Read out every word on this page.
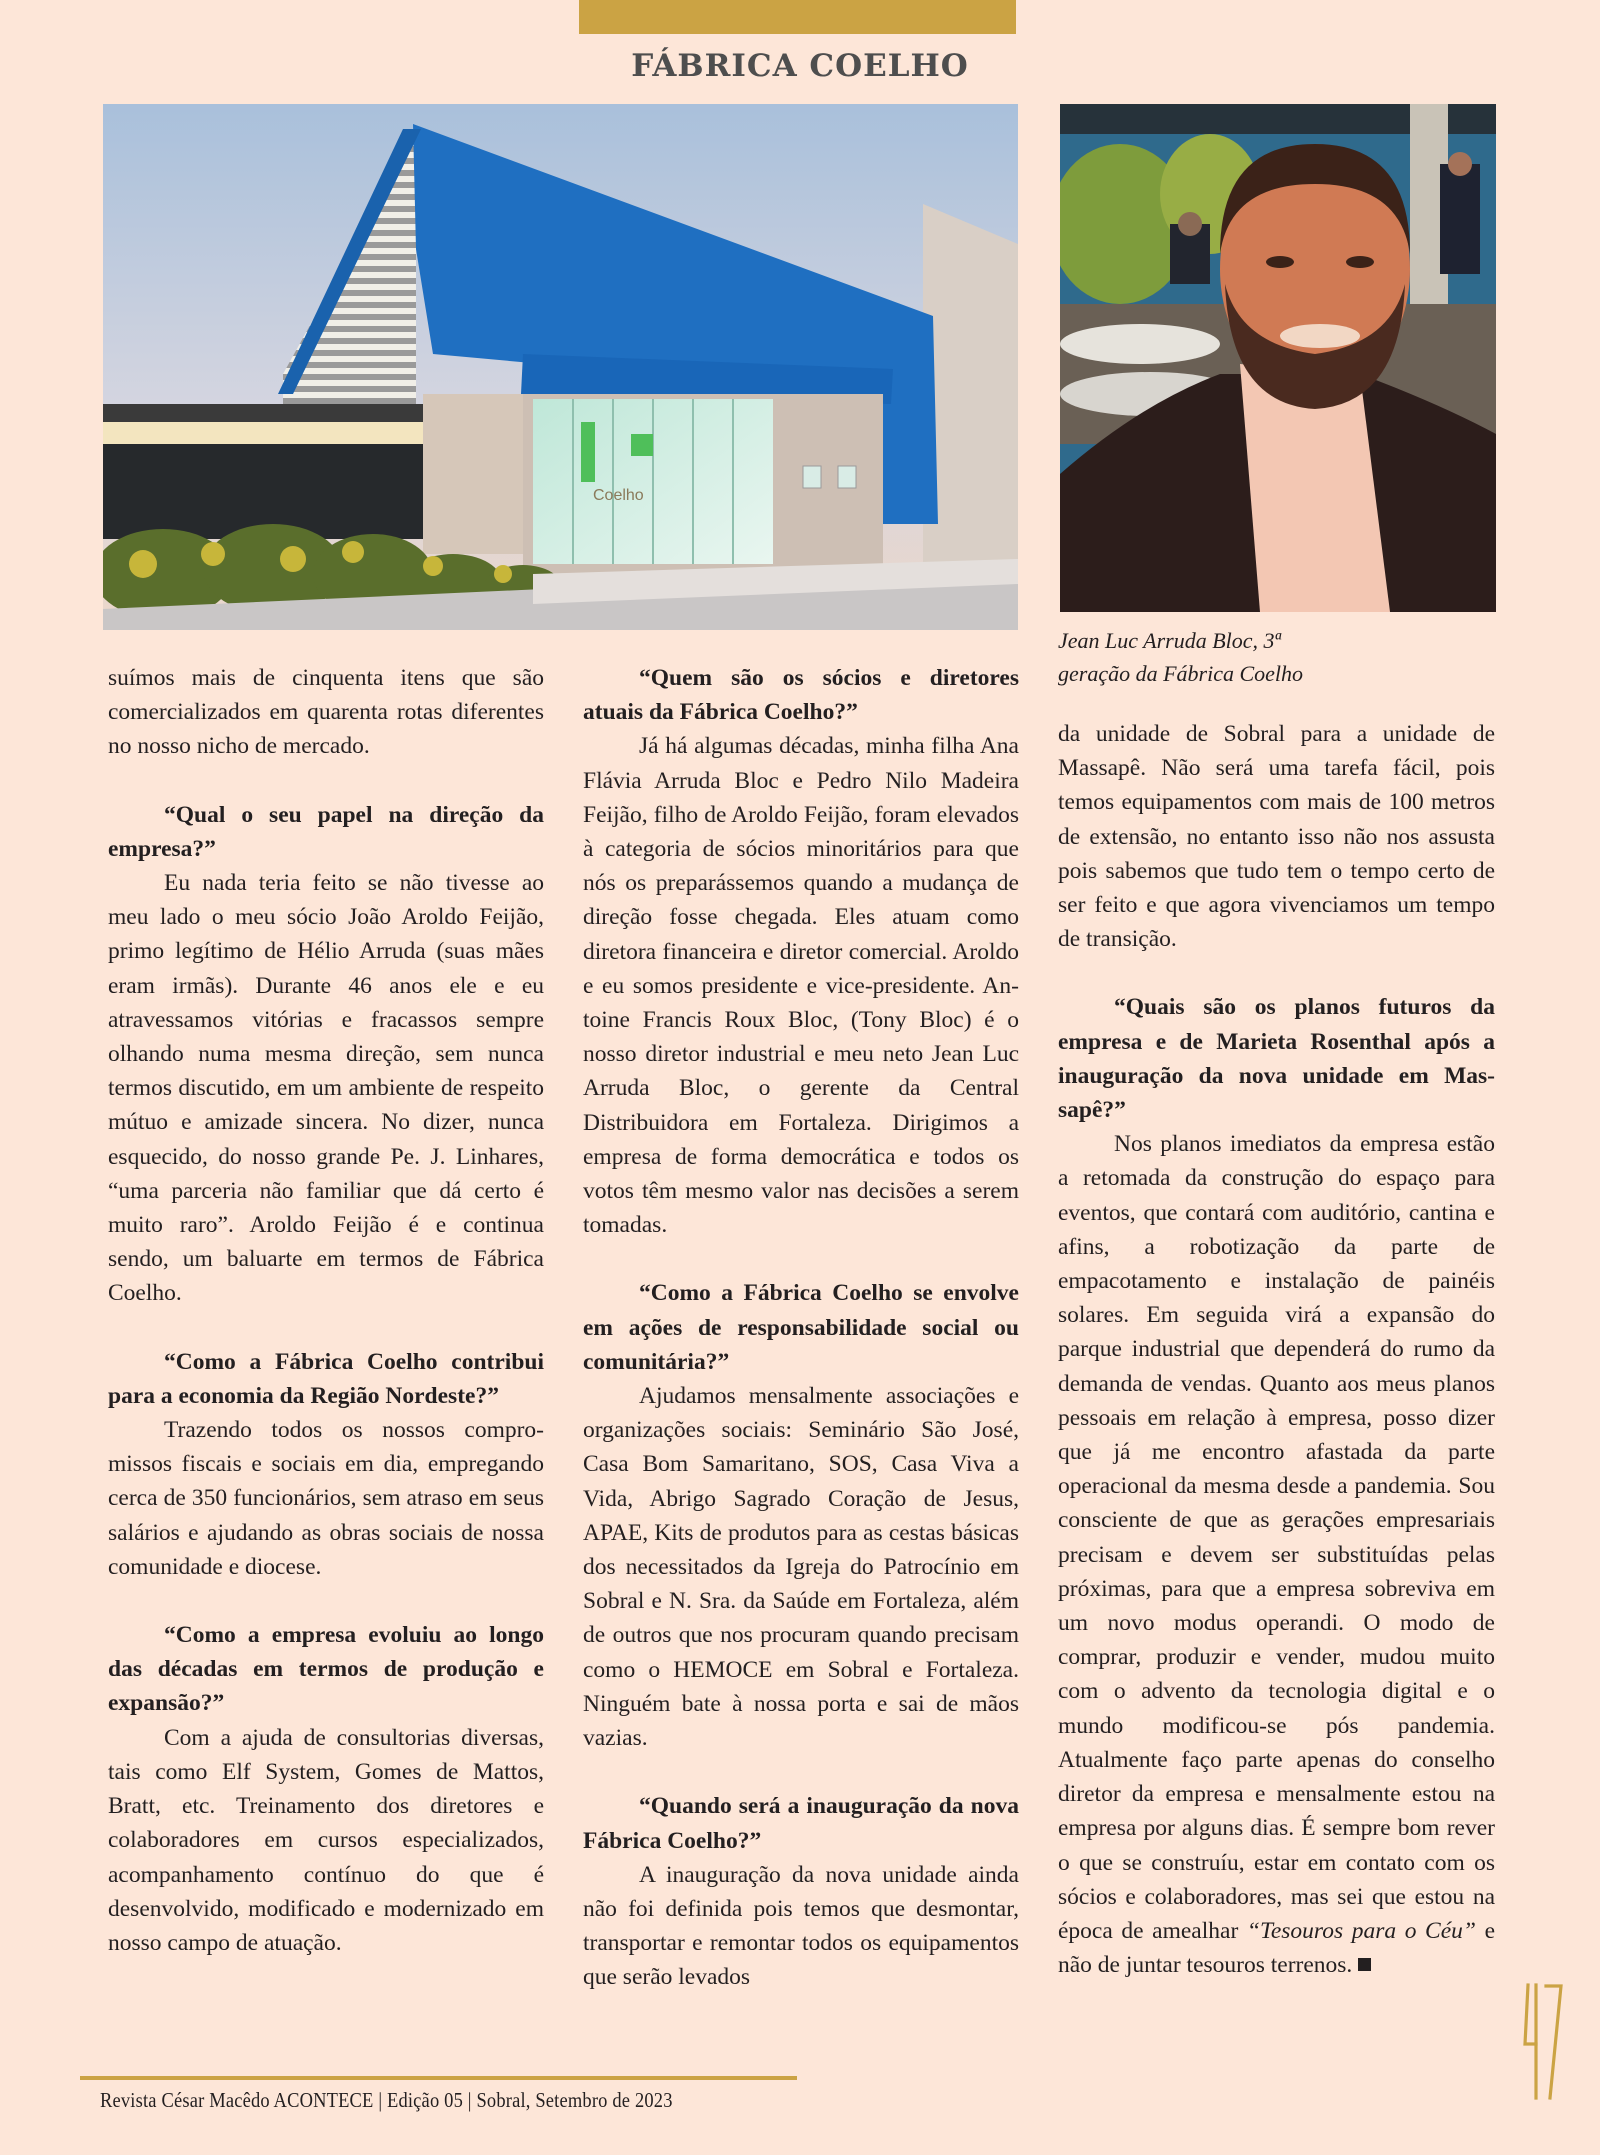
FÁBRICA COELHO
Coelho
Jean Luc Arruda Bloc, 3ª
geração da Fábrica Coelho

suímos mais de cinquenta itens que são comercializados em quarenta rotas diferentes no nosso nicho de mercado.

“Qual o seu papel na direção da empresa?”

Eu nada teria feito se não tivesse ao meu lado o meu sócio João Aroldo Feijão, primo legítimo de Hélio Arruda (suas mães eram irmãs). Durante 46 anos ele e eu atravessamos vitórias e fracassos sempre olhando numa mesma direção, sem nunca termos discutido, em um ambiente de respeito mútuo e amizade sincera. No dizer, nunca esquecido, do nosso grande Pe. J. Linhares, “uma parceria não familiar que dá certo é muito raro”. Aroldo Feijão é e continua sendo, um baluarte em termos de Fábrica Coelho.

“Como a Fábrica Coelho contribui para a economia da Região Nordeste?”

Trazendo todos os nossos compromissos fiscais e sociais em dia, empregando cerca de 350 funcionários, sem atraso em seus salários e ajudando as obras sociais de nossa comunidade e diocese.

“Como a empresa evoluiu ao longo das décadas em termos de produção e expansão?”

Com a ajuda de consultorias diversas, tais como Elf System, Gomes de Mattos, Bratt, etc. Treinamento dos diretores e colaboradores em cursos especializados, acompanhamento contínuo do que é desenvolvido, modificado e modernizado em nosso campo de atuação.

“Quem são os sócios e diretores atuais da Fábrica Coelho?”

Já há algumas décadas, minha filha Ana Flávia Arruda Bloc e Pedro Nilo Madeira Feijão, filho de Aroldo Feijão, foram elevados à categoria de sócios minoritários para que nós os preparássemos quando a mudança de direção fosse chegada. Eles atuam como diretora financeira e diretor comercial. Aroldo e eu somos presidente e vice-presidente. Antoine Francis Roux Bloc, (Tony Bloc) é o nosso diretor industrial e meu neto Jean Luc Arruda Bloc, o gerente da Central Distribuidora em Fortaleza. Dirigimos a empresa de forma democrática e todos os votos têm mesmo valor nas decisões a serem tomadas.

“Como a Fábrica Coelho se envolve em ações de responsabilidade social ou comunitária?”

Ajudamos mensalmente associações e organizações sociais: Seminário São José, Casa Bom Samaritano, SOS, Casa Viva a Vida, Abrigo Sagrado Coração de Jesus, APAE, Kits de produtos para as cestas básicas dos necessitados da Igreja do Patrocínio em Sobral e N. Sra. da Saúde em Fortaleza, além de outros que nos procuram quando precisam como o HEMOCE em Sobral e Fortaleza. Ninguém bate à nossa porta e sai de mãos vazias.

“Quando será a inauguração da nova Fábrica Coelho?”

A inauguração da nova unidade ainda não foi definida pois temos que desmontar, transportar e remontar todos os equipamentos que serão levados

da unidade de Sobral para a unidade de Massapê. Não será uma tarefa fácil, pois temos equipamentos com mais de 100 metros de extensão, no entanto isso não nos assusta pois sabemos que tudo tem o tempo certo de ser feito e que agora vivenciamos um tempo de transição.

“Quais são os planos futuros da empresa e de Marieta Rosenthal após a inauguração da nova unidade em Massapê?”

Nos planos imediatos da empresa estão a retomada da construção do espaço para eventos, que contará com auditório, cantina e afins, a robotização da parte de empacotamento e instalação de painéis solares. Em seguida virá a expansão do parque industrial que dependerá do rumo da demanda de vendas. Quanto aos meus planos pessoais em relação à empresa, posso dizer que já me encontro afastada da parte operacional da mesma desde a pandemia. Sou consciente de que as gerações empresariais precisam e devem ser substituídas pelas próximas, para que a empresa sobreviva em um novo modus operandi. O modo de comprar, produzir e vender, mudou muito com o advento da tecnologia digital e o mundo modificou-se pós pandemia. Atualmente faço parte apenas do conselho diretor da empresa e mensalmente estou na empresa por alguns dias. É sempre bom rever o que se construíu, estar em contato com os sócios e colaboradores, mas sei que estou na época de amealhar “Tesouros para o Céu” e não de juntar tesouros terrenos.

Revista César Macêdo ACONTECE | Edição 05 | Sobral, Setembro de 2023
